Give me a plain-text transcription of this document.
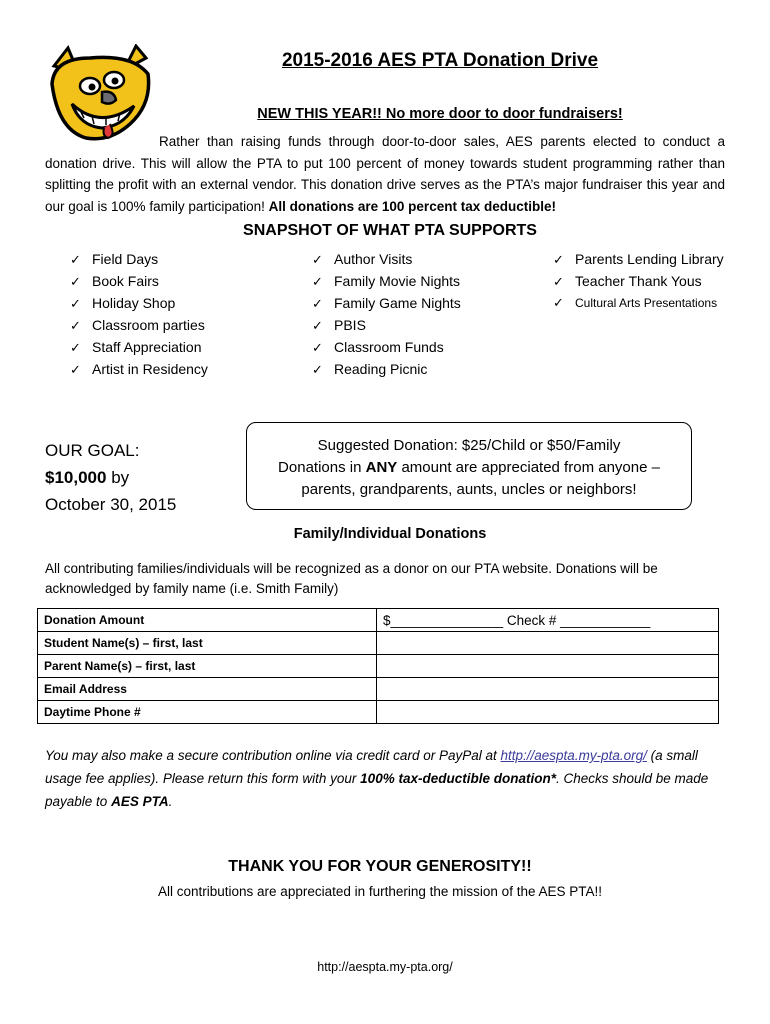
2015-2016 AES PTA Donation Drive
NEW THIS YEAR!! No more door to door fundraisers!

Rather than raising funds through door-to-door sales, AES parents elected to conduct a donation drive. This will allow the PTA to put 100 percent of money towards student programming rather than splitting the profit with an external vendor. This donation drive serves as the PTA’s major fundraiser this year and our goal is 100% family participation! All donations are 100 percent tax deductible!

SNAPSHOT OF WHAT PTA SUPPORTS
✓ Field Days
✓ Book Fairs
✓ Holiday Shop
✓ Classroom parties
✓ Staff Appreciation
✓ Artist in Residency
✓ Author Visits
✓ Family Movie Nights
✓ Family Game Nights
✓ PBIS
✓ Classroom Funds
✓ Reading Picnic
✓ Parents Lending Library
✓ Teacher Thank Yous
✓ Cultural Arts Presentations
OUR GOAL:
$10,000 by
October 30, 2015
Suggested Donation: $25/Child or $50/Family
Donations in ANY amount are appreciated from anyone –
parents, grandparents, aunts, uncles or neighbors!
Family/Individual Donations

All contributing families/individuals will be recognized as a donor on our PTA website. Donations will be acknowledged by family name (i.e. Smith Family)

Donation Amount	$_______________ Check # ____________
Student Name(s) – first, last	
Parent Name(s) – first, last	
Email Address	
Daytime Phone #	

You may also make a secure contribution online via credit card or PayPal at http://aespta.my-pta.org/ (a small usage fee applies). Please return this form with your 100% tax-deductible donation*. Checks should be made payable to AES PTA.

THANK YOU FOR YOUR GENEROSITY!!
All contributions are appreciated in furthering the mission of the AES PTA!!
http://aespta.my-pta.org/
